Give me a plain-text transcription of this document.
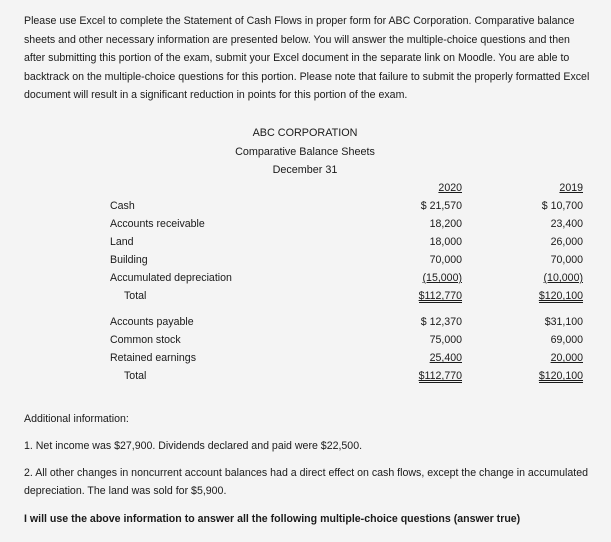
Please use Excel to complete the Statement of Cash Flows in proper form for ABC Corporation. Comparative balance sheets and other necessary information are presented below. You will answer the multiple-choice questions and then after submitting this portion of the exam, submit your Excel document in the separate link on Moodle. You are able to backtrack on the multiple-choice questions for this portion. Please note that failure to submit the properly formatted Excel document will result in a significant reduction in points for this portion of the exam.
ABC CORPORATION
Comparative Balance Sheets
December 31
2020	2019
Cash	$ 21,570	$ 10,700
Accounts receivable	18,200	23,400
Land	18,000	26,000
Building	70,000	70,000
Accumulated depreciation	(15,000)	(10,000)
Total	$112,770	$120,100
Accounts payable	$ 12,370	$31,100
Common stock	75,000	69,000
Retained earnings	25,400	20,000
Total	$112,770	$120,100
Additional information:
1. Net income was $27,900. Dividends declared and paid were $22,500.
2. All other changes in noncurrent account balances had a direct effect on cash flows, except the change in accumulated depreciation. The land was sold for $5,900.
I will use the above information to answer all the following multiple-choice questions (answer true)
